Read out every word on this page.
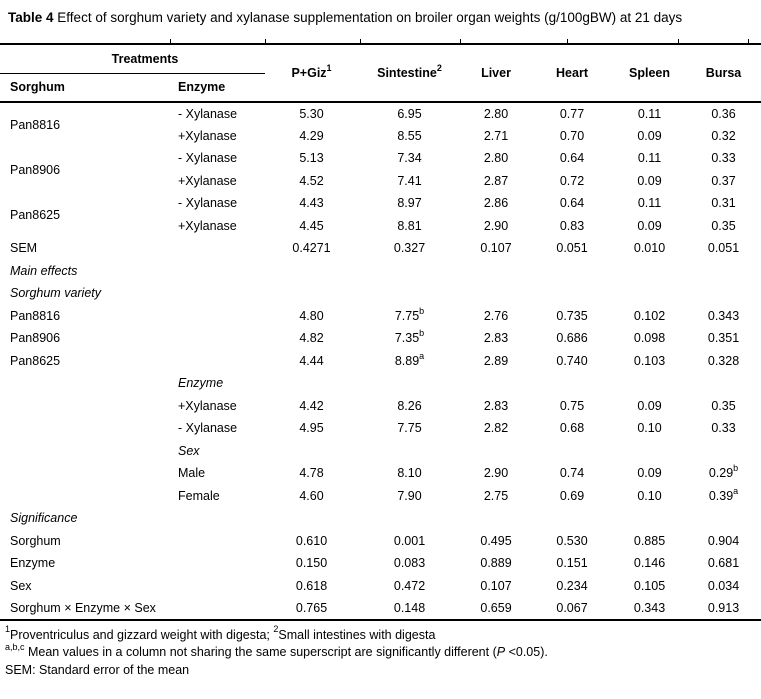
Table 4 Effect of sorghum variety and xylanase supplementation on broiler organ weights (g/100gBW) at 21 days

Treatments		P+Giz$^1$	Sintestine$^2$	Liver	Heart	Spleen	Bursa
Sorghum	Enzyme						
Pan8816	- Xylanase	5.30	6.95	2.80	0.77	0.11	0.36
	+Xylanase	4.29	8.55	2.71	0.70	0.09	0.32
Pan8906	- Xylanase	5.13	7.34	2.80	0.64	0.11	0.33
	+Xylanase	4.52	7.41	2.87	0.72	0.09	0.37
Pan8625	- Xylanase	4.43	8.97	2.86	0.64	0.11	0.31
	+Xylanase	4.45	8.81	2.90	0.83	0.09	0.35
SEM		0.4271	0.327	0.107	0.051	0.010	0.051
Main effects							
Sorghum variety							
Pan8816		4.80	7.75$^b$	2.76	0.735	0.102	0.343
Pan8906		4.82	7.35$^b$	2.83	0.686	0.098	0.351
Pan8625		4.44	8.89$^a$	2.89	0.740	0.103	0.328
Enzyme							
	+Xylanase	4.42	8.26	2.83	0.75	0.09	0.35
	- Xylanase	4.95	7.75	2.82	0.68	0.10	0.33
Sex							
	Male	4.78	8.10	2.90	0.74	0.09	0.29$^b$
	Female	4.60	7.90	2.75	0.69	0.10	0.39$^a$
Significance							
Sorghum		0.610	0.001	0.495	0.530	0.885	0.904
Enzyme		0.150	0.083	0.889	0.151	0.146	0.681
Sex		0.618	0.472	0.107	0.234	0.105	0.034
Sorghum × Enzyme × Sex		0.765	0.148	0.659	0.067	0.343	0.913

$^1$Proventriculus and gizzard weight with digesta; $^2$Small intestines with digesta

$^{a,b,c}$ Mean values in a column not sharing the same superscript are significantly different (P <0.05).

SEM: Standard error of the mean
